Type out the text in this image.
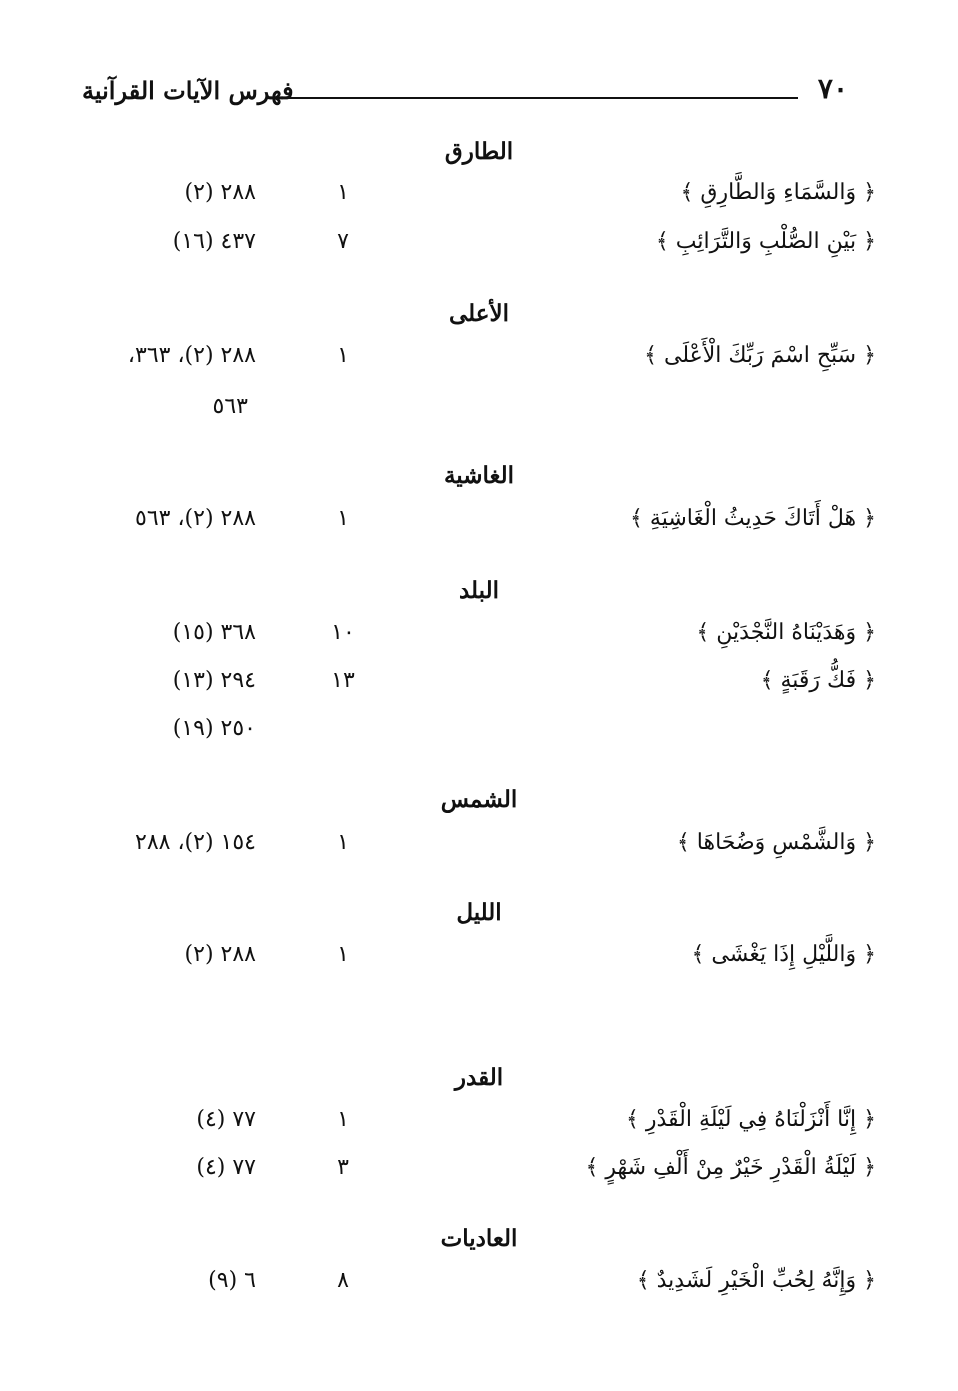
٧٠
فهرس الآيات القرآنية
الطارق
﴿ وَالسَّمَاءِ وَالطَّارِقِ ﴾
١
٢٨٨ (٢)
﴿ بَيْنِ الصُّلْبِ وَالتَّرَائِبِ ﴾
٧
٤٣٧ (١٦)
الأعلى
﴿ سَبِّحِ اسْمَ رَبِّكَ الْأَعْلَى ﴾
١
٢٨٨ (٢)، ٣٦٣،
٥٦٣
الغاشية
﴿ هَلْ أَتَاكَ حَدِيثُ الْغَاشِيَةِ ﴾
١
٢٨٨ (٢)، ٥٦٣
البلد
﴿ وَهَدَيْنَاهُ النَّجْدَيْنِ ﴾
١٠
٣٦٨ (١٥)
﴿ فَكُّ رَقَبَةٍ ﴾
١٣
٢٩٤ (١٣)
٢٥٠ (١٩)
الشمس
﴿ وَالشَّمْسِ وَضُحَاهَا ﴾
١
١٥٤ (٢)، ٢٨٨
الليل
﴿ وَاللَّيْلِ إِذَا يَغْشَى ﴾
١
٢٨٨ (٢)
القدر
﴿ إِنَّا أَنْزَلْنَاهُ فِي لَيْلَةِ الْقَدْرِ ﴾
١
٧٧ (٤)
﴿ لَيْلَةُ الْقَدْرِ خَيْرٌ مِنْ أَلْفِ شَهْرٍ ﴾
٣
٧٧ (٤)
العاديات
﴿ وَإِنَّهُ لِحُبِّ الْخَيْرِ لَشَدِيدٌ ﴾
٨
٦ (٩)
